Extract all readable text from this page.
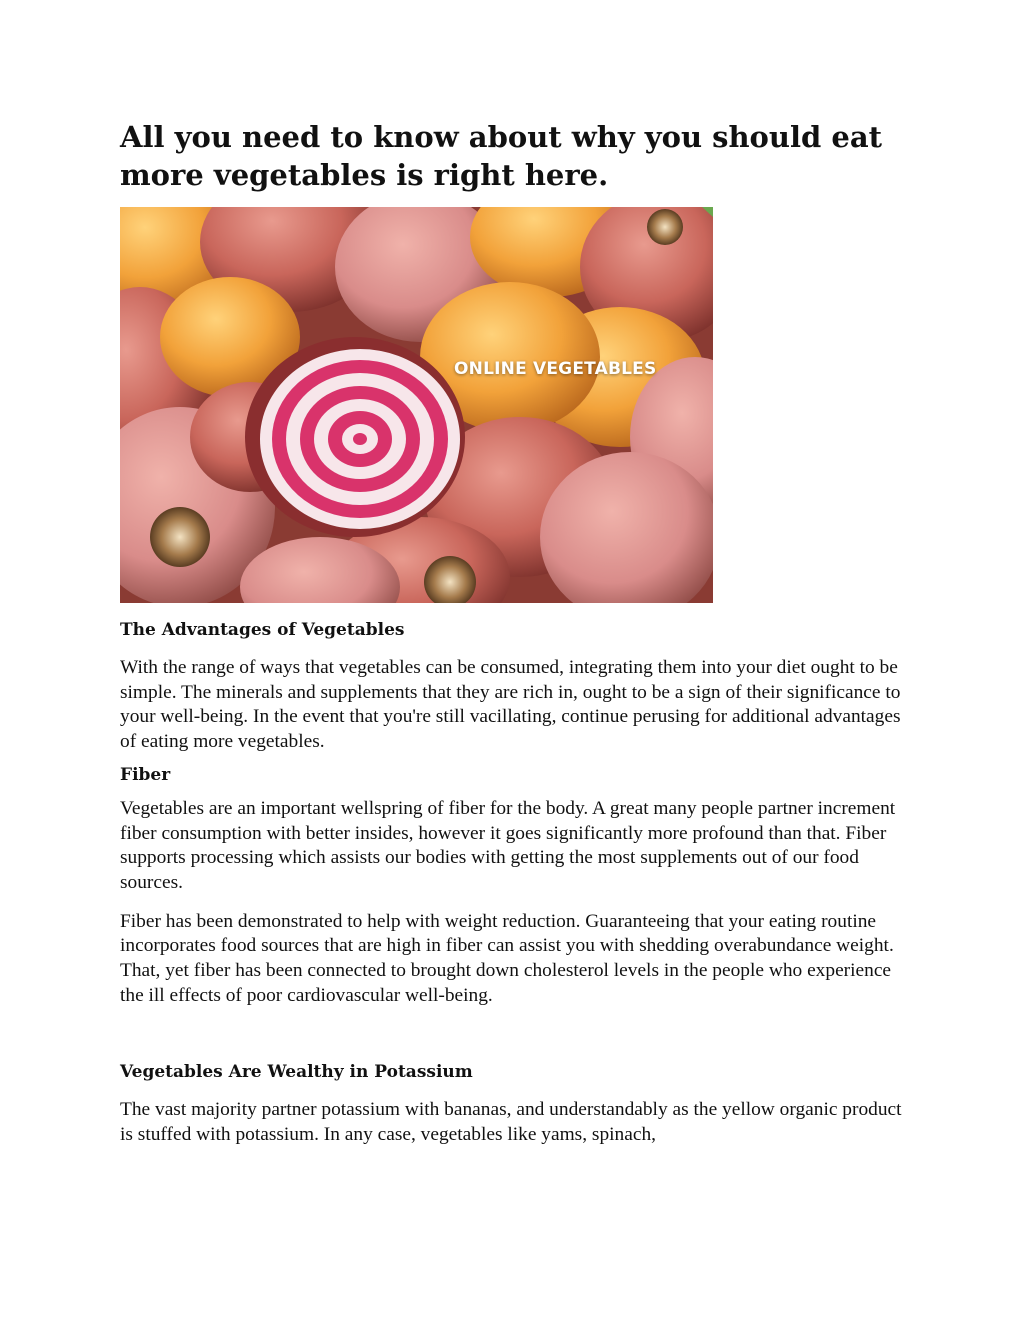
All you need to know about why you should eat more vegetables is right here.
ONLINE VEGETABLES
The Advantages of Vegetables

With the range of ways that vegetables can be consumed, integrating them into your diet ought to be simple. The minerals and supplements that they are rich in, ought to be a sign of their significance to your well-being. In the event that you're still vacillating, continue perusing for additional advantages of eating more vegetables.

Fiber

Vegetables are an important wellspring of fiber for the body. A great many people partner increment fiber consumption with better insides, however it goes significantly more profound than that. Fiber supports processing which assists our bodies with getting the most supplements out of our food sources.

Fiber has been demonstrated to help with weight reduction. Guaranteeing that your eating routine incorporates food sources that are high in fiber can assist you with shedding overabundance weight. That, yet fiber has been connected to brought down cholesterol levels in the people who experience the ill effects of poor cardiovascular well-being.

Vegetables Are Wealthy in Potassium

The vast majority partner potassium with bananas, and understandably as the yellow organic product is stuffed with potassium. In any case, vegetables like yams, spinach,
